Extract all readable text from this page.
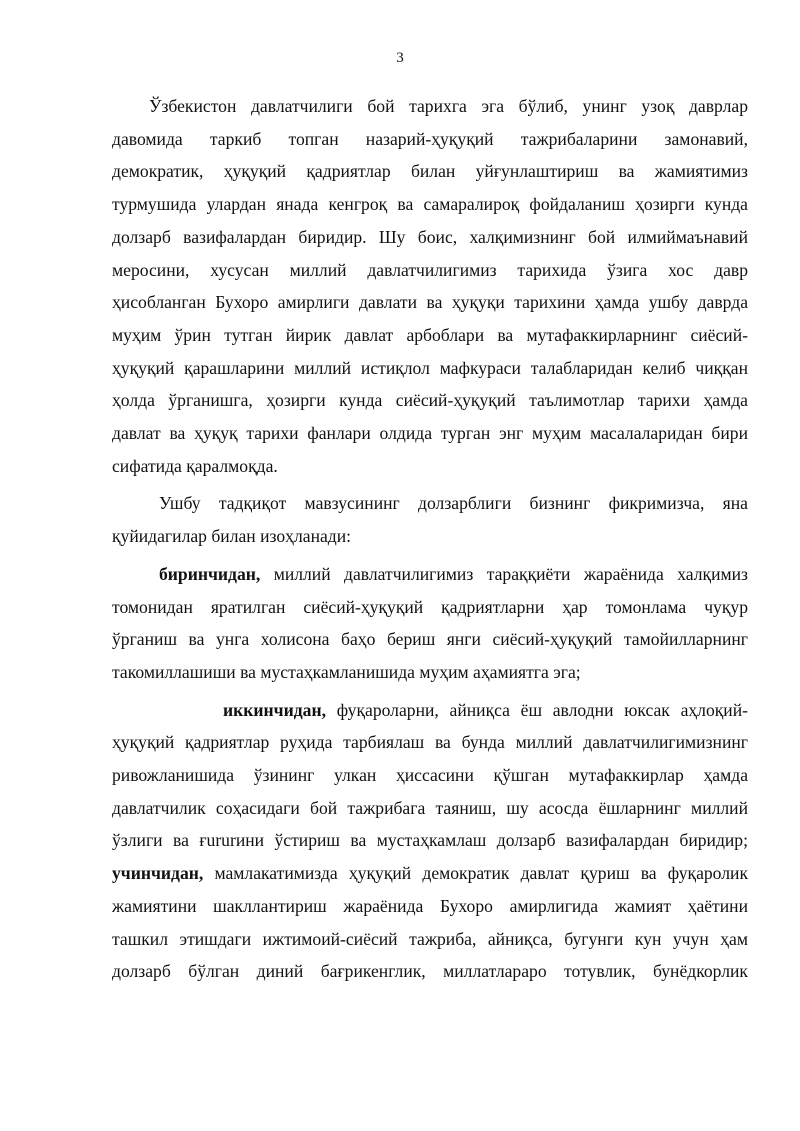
3

Ўзбекистон давлатчилиги бой тарихга эга бўлиб, унинг узоқ даврлар

давомида таркиб топган назарий-ҳуқуқий тажрибаларини замонавий,

демократик, ҳуқуқий қадриятлар билан уйғунлаштириш ва жамиятимиз

турмушида улардан янада кенгроқ ва самаралироқ фойдаланиш ҳозирги кунда

долзарб вазифалардан биридир. Шу боис, халқимизнинг бой илмиймаънавий

меросини, хусусан миллий давлатчилигимиз тарихида ўзига хос давр

ҳисобланган Бухоро амирлиги давлати ва ҳуқуқи тарихини ҳамда ушбу даврда

муҳим ўрин тутган йирик давлат арбоблари ва мутафаккирларнинг сиёсий-

ҳуқуқий қарашларини миллий истиқлол мафкураси талабларидан келиб чиққан

ҳолда ўрганишга, ҳозирги кунда сиёсий-ҳуқуқий таълимотлар тарихи ҳамда

давлат ва ҳуқуқ тарихи фанлари олдида турган энг муҳим масалаларидан бири

сифатида қаралмоқда.

Ушбу тадқиқот мавзусининг долзарблиги бизнинг фикримизча, яна

қуйидагилар билан изоҳланади:

биринчидан, миллий давлатчилигимиз тараққиёти жараёнида халқимиз

томонидан яратилган сиёсий-ҳуқуқий қадриятларни ҳар томонлама чуқур

ўрганиш ва унга холисона баҳо бериш янги сиёсий-ҳуқуқий тамойилларнинг

такомиллашиши ва мустаҳкамланишида муҳим аҳамиятга эга;

иккинчидан, фуқароларни, айниқса ёш авлодни юксак аҳлоқий-

ҳуқуқий қадриятлар руҳида тарбиялаш ва бунда миллий давлатчилигимизнинг

ривожланишида ўзининг улкан ҳиссасини қўшган мутафаккирлар ҳамда

давлатчилик соҳасидаги бой тажрибага таяниш, шу асосда ёшларнинг миллий

ўзлиги ва ғururини ўстириш ва мустаҳкамлаш долзарб вазифалардан биридир;

учинчидан, мамлакатимизда ҳуқуқий демократик давлат қуриш ва фуқаролик

жамиятини шакллантириш жараёнида Бухоро амирлигида жамият ҳаётини

ташкил этишдаги ижтимоий-сиёсий тажриба, айниқса, бугунги кун учун ҳам

долзарб бўлган диний бағрикенглик, миллатлараро тотувлик, бунёдкорлик
